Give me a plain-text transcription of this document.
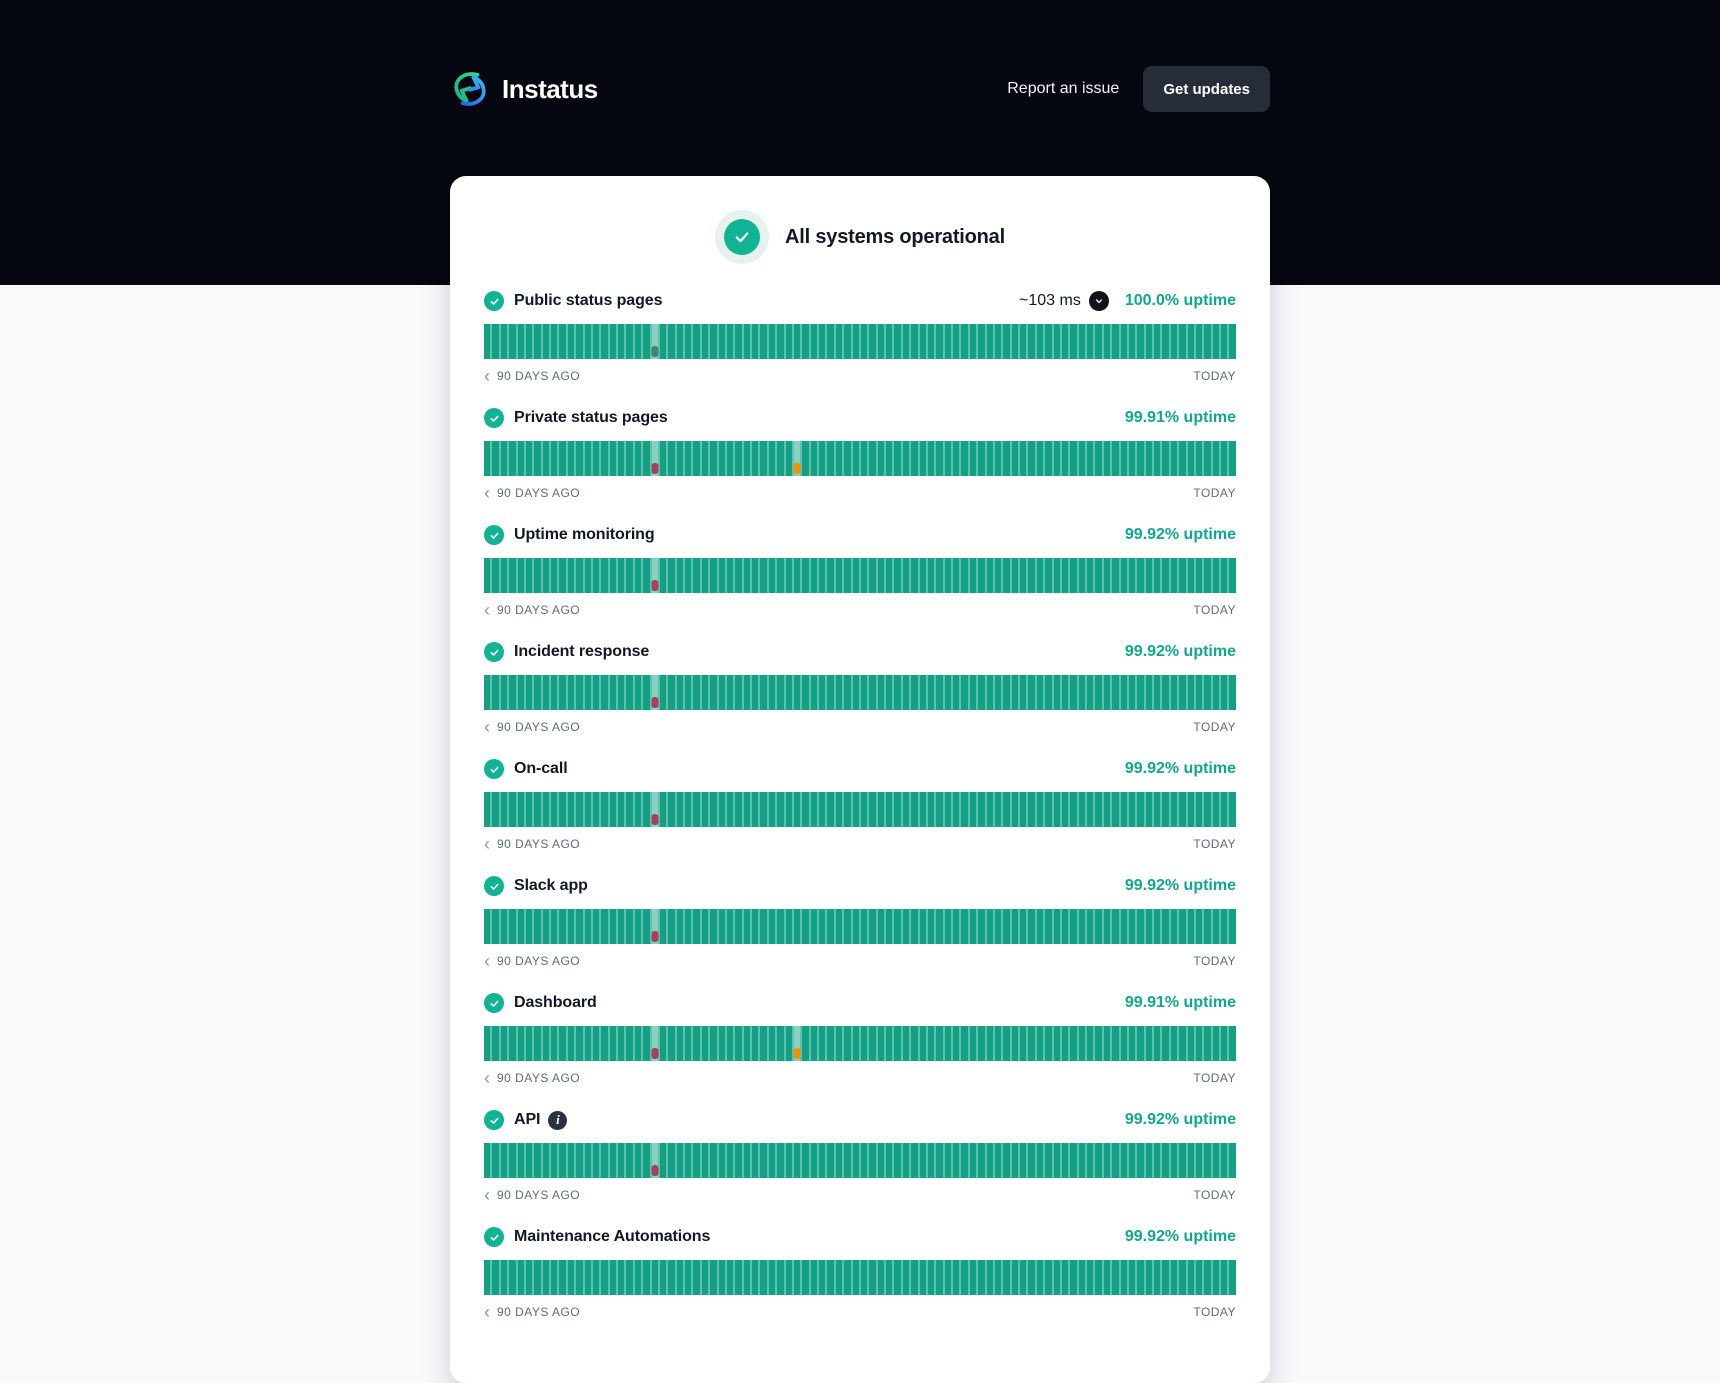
Instatus	Report an issue	Get updates
All systems operational
Public status pages	~103 ms	100.0% uptime
‹ 90 DAYS AGO	TODAY
Private status pages	99.91% uptime
‹ 90 DAYS AGO	TODAY
Uptime monitoring	99.92% uptime
‹ 90 DAYS AGO	TODAY
Incident response	99.92% uptime
‹ 90 DAYS AGO	TODAY
On-call	99.92% uptime
‹ 90 DAYS AGO	TODAY
Slack app	99.92% uptime
‹ 90 DAYS AGO	TODAY
Dashboard	99.91% uptime
‹ 90 DAYS AGO	TODAY
API	i	99.92% uptime
‹ 90 DAYS AGO	TODAY
Maintenance Automations	99.92% uptime
‹ 90 DAYS AGO	TODAY
